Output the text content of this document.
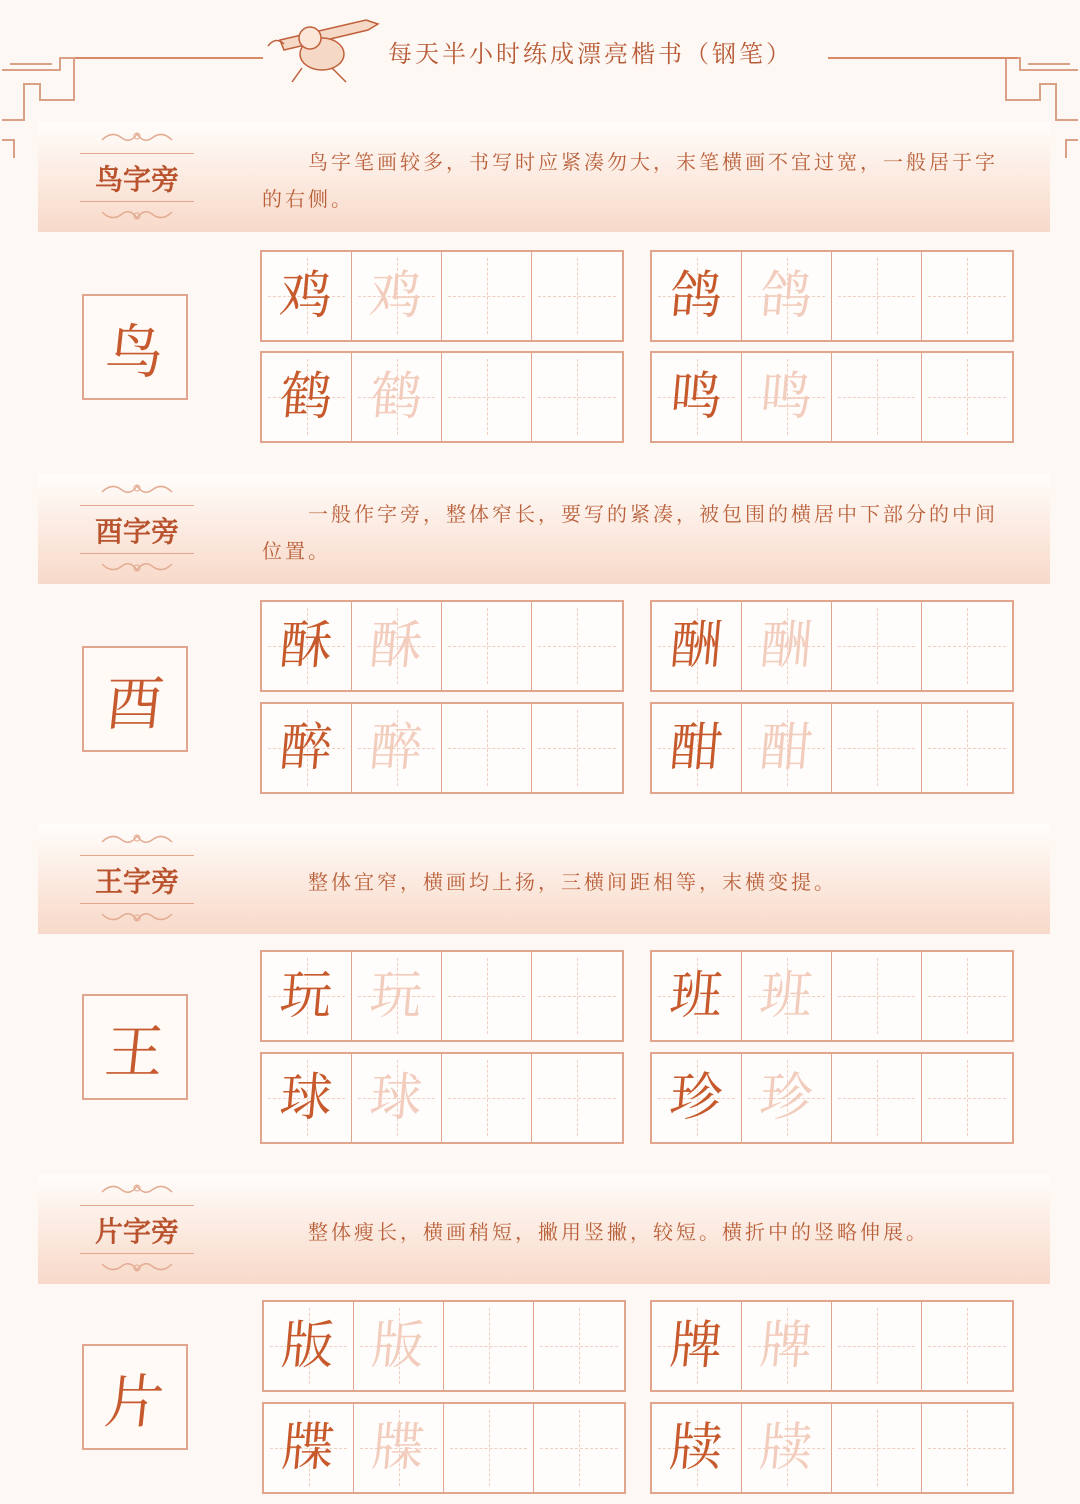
每天半小时练成漂亮楷书（钢笔）
鸟字旁
鸟字笔画较多，书写时应紧凑勿大，末笔横画不宜过宽，一般居于字的右侧。
鸟
鸡 鸡	鸽 鸽
鹤 鹤	鸣 鸣
酉字旁
一般作字旁，整体窄长，要写的紧凑，被包围的横居中下部分的中间位置。
酉
酥 酥	酬 酬
醉 醉	酣 酣
王字旁	整体宜窄，横画均上扬，三横间距相等，末横变提。
王
玩 玩	班 班
球 球	珍 珍
片字旁	整体瘦长，横画稍短，撇用竖撇，较短。横折中的竖略伸展。
片
版 版	牌 牌
牒 牒	牍 牍
